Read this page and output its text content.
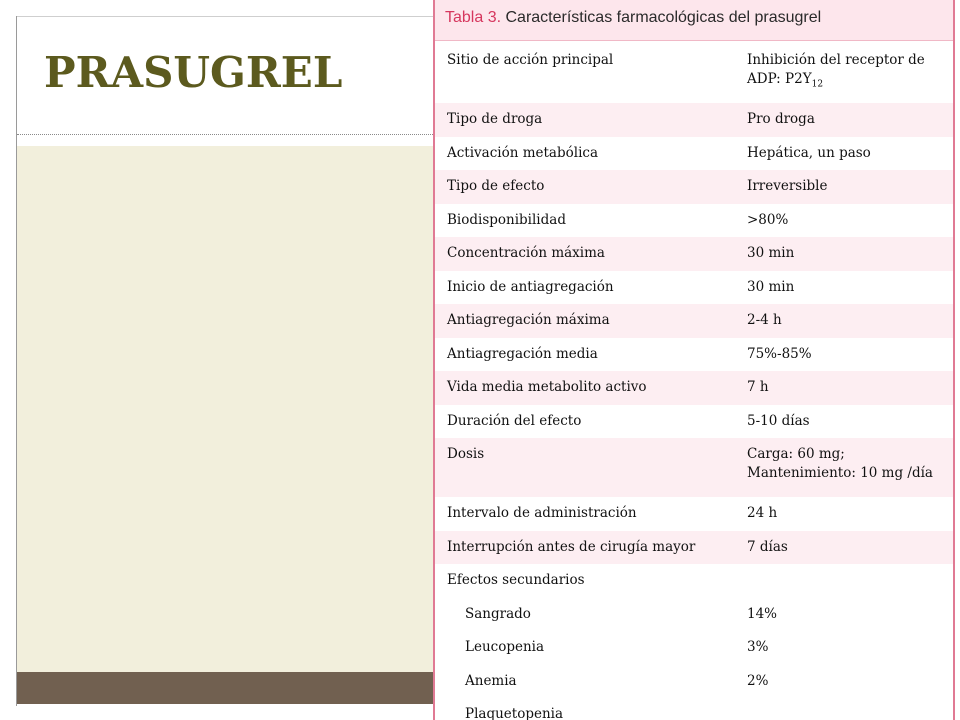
PRASUGREL
Tabla 3. Características farmacológicas del prasugrel
Sitio de acción principal	Inhibición del receptor de
ADP: $P2Y_{12}$
Tipo de droga	Pro droga
Activación metabólica	Hepática, un paso
Tipo de efecto	Irreversible
Biodisponibilidad	>80%
Concentración máxima	30 min
Inicio de antiagregación	30 min
Antiagregación máxima	2-4 h
Antiagregación media	75%-85%
Vida media metabolito activo	7 h
Duración del efecto	5-10 días
Dosis	Carga: 60 mg;
Mantenimiento: 10 mg /día
Intervalo de administración	24 h
Interrupción antes de cirugía mayor	7 días
Efectos secundarios	
Sangrado	14%
Leucopenia	3%
Anemia	2%
Plaquetopenia	
